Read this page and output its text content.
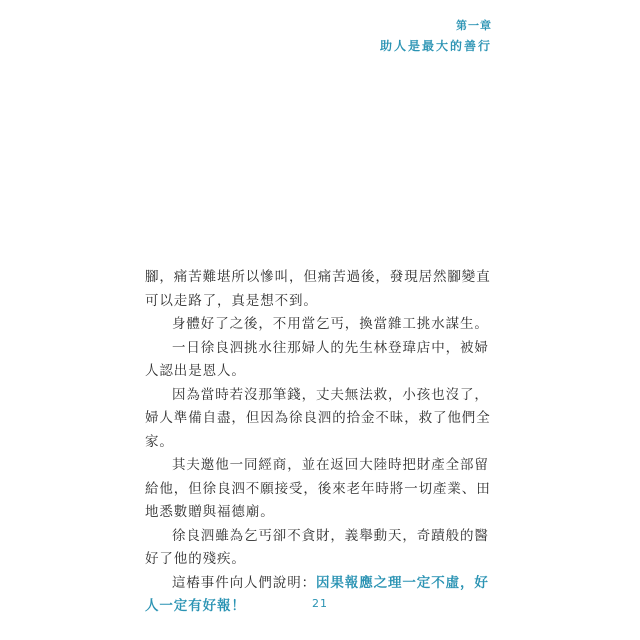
第一章
助人是最大的善行

腳，痛苦難堪所以慘叫，但痛苦過後，發現居然腳變直可以走路了，真是想不到。

身體好了之後，不用當乞丐，換當雜工挑水謀生。

一日徐良泗挑水往那婦人的先生林登瑋店中，被婦人認出是恩人。

因為當時若沒那筆錢，丈夫無法救，小孩也沒了，婦人準備自盡，但因為徐良泗的拾金不昧，救了他們全家。

其夫邀他一同經商，並在返回大陸時把財產全部留給他，但徐良泗不願接受，後來老年時將一切產業、田地悉數贈與福德廟。

徐良泗雖為乞丐卻不貪財，義舉動天，奇蹟般的醫好了他的殘疾。

這樁事件向人們說明：因果報應之理一定不虛，好人一定有好報！	21
